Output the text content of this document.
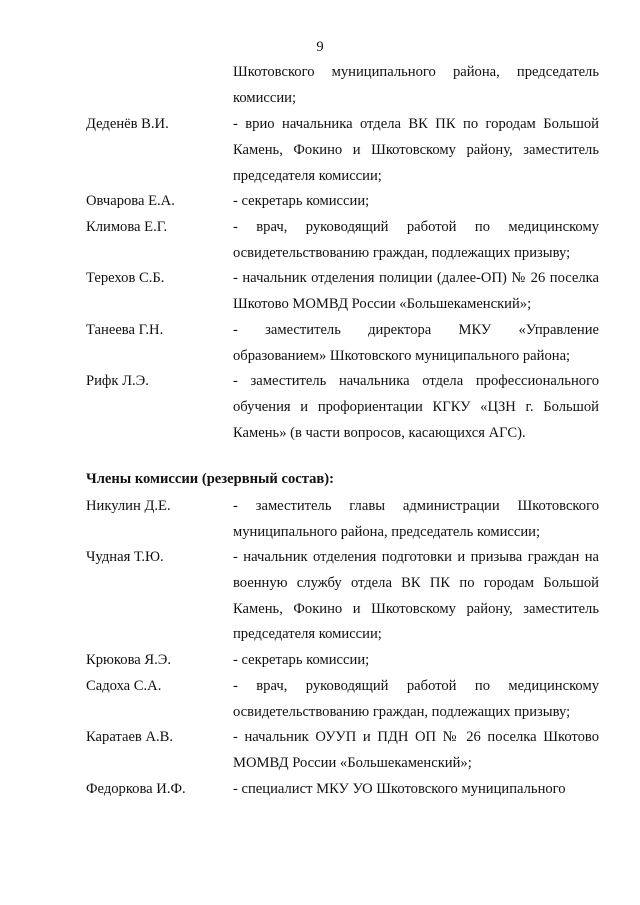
9
Шкотовского муниципального района, председатель
комиссии;
Деденёв В.И.	- врио начальника отдела ВК ПК по городам Большой
Камень, Фокино и Шкотовскому району, заместитель
председателя комиссии;
Овчарова Е.А.	- секретарь комиссии;
Климова Е.Г.	- врач, руководящий работой по медицинскому
освидетельствованию граждан, подлежащих призыву;
Терехов С.Б.	- начальник отделения полиции (далее-ОП) № 26 поселка
Шкотово МОМВД России «Большекаменский»;
Танеева Г.Н.	- заместитель директора МКУ «Управление
образованием» Шкотовского муниципального района;
Рифк Л.Э.	- заместитель начальника отдела профессионального
обучения и профориентации КГКУ «ЦЗН г. Большой
Камень» (в части вопросов, касающихся АГС).
Члены комиссии (резервный состав):
Никулин Д.Е.	- заместитель главы администрации Шкотовского
муниципального района, председатель комиссии;
Чудная Т.Ю.	- начальник отделения подготовки и призыва граждан на
военную службу отдела ВК ПК по городам Большой
Камень, Фокино и Шкотовскому району, заместитель
председателя комиссии;
Крюкова Я.Э.	- секретарь комиссии;
Садоха С.А.	- врач, руководящий работой по медицинскому
освидетельствованию граждан, подлежащих призыву;
Каратаев А.В.	- начальник ОУУП и ПДН ОП № 26 поселка Шкотово
МОМВД России «Большекаменский»;
Федоркова И.Ф.	- специалист МКУ УО Шкотовского муниципального
